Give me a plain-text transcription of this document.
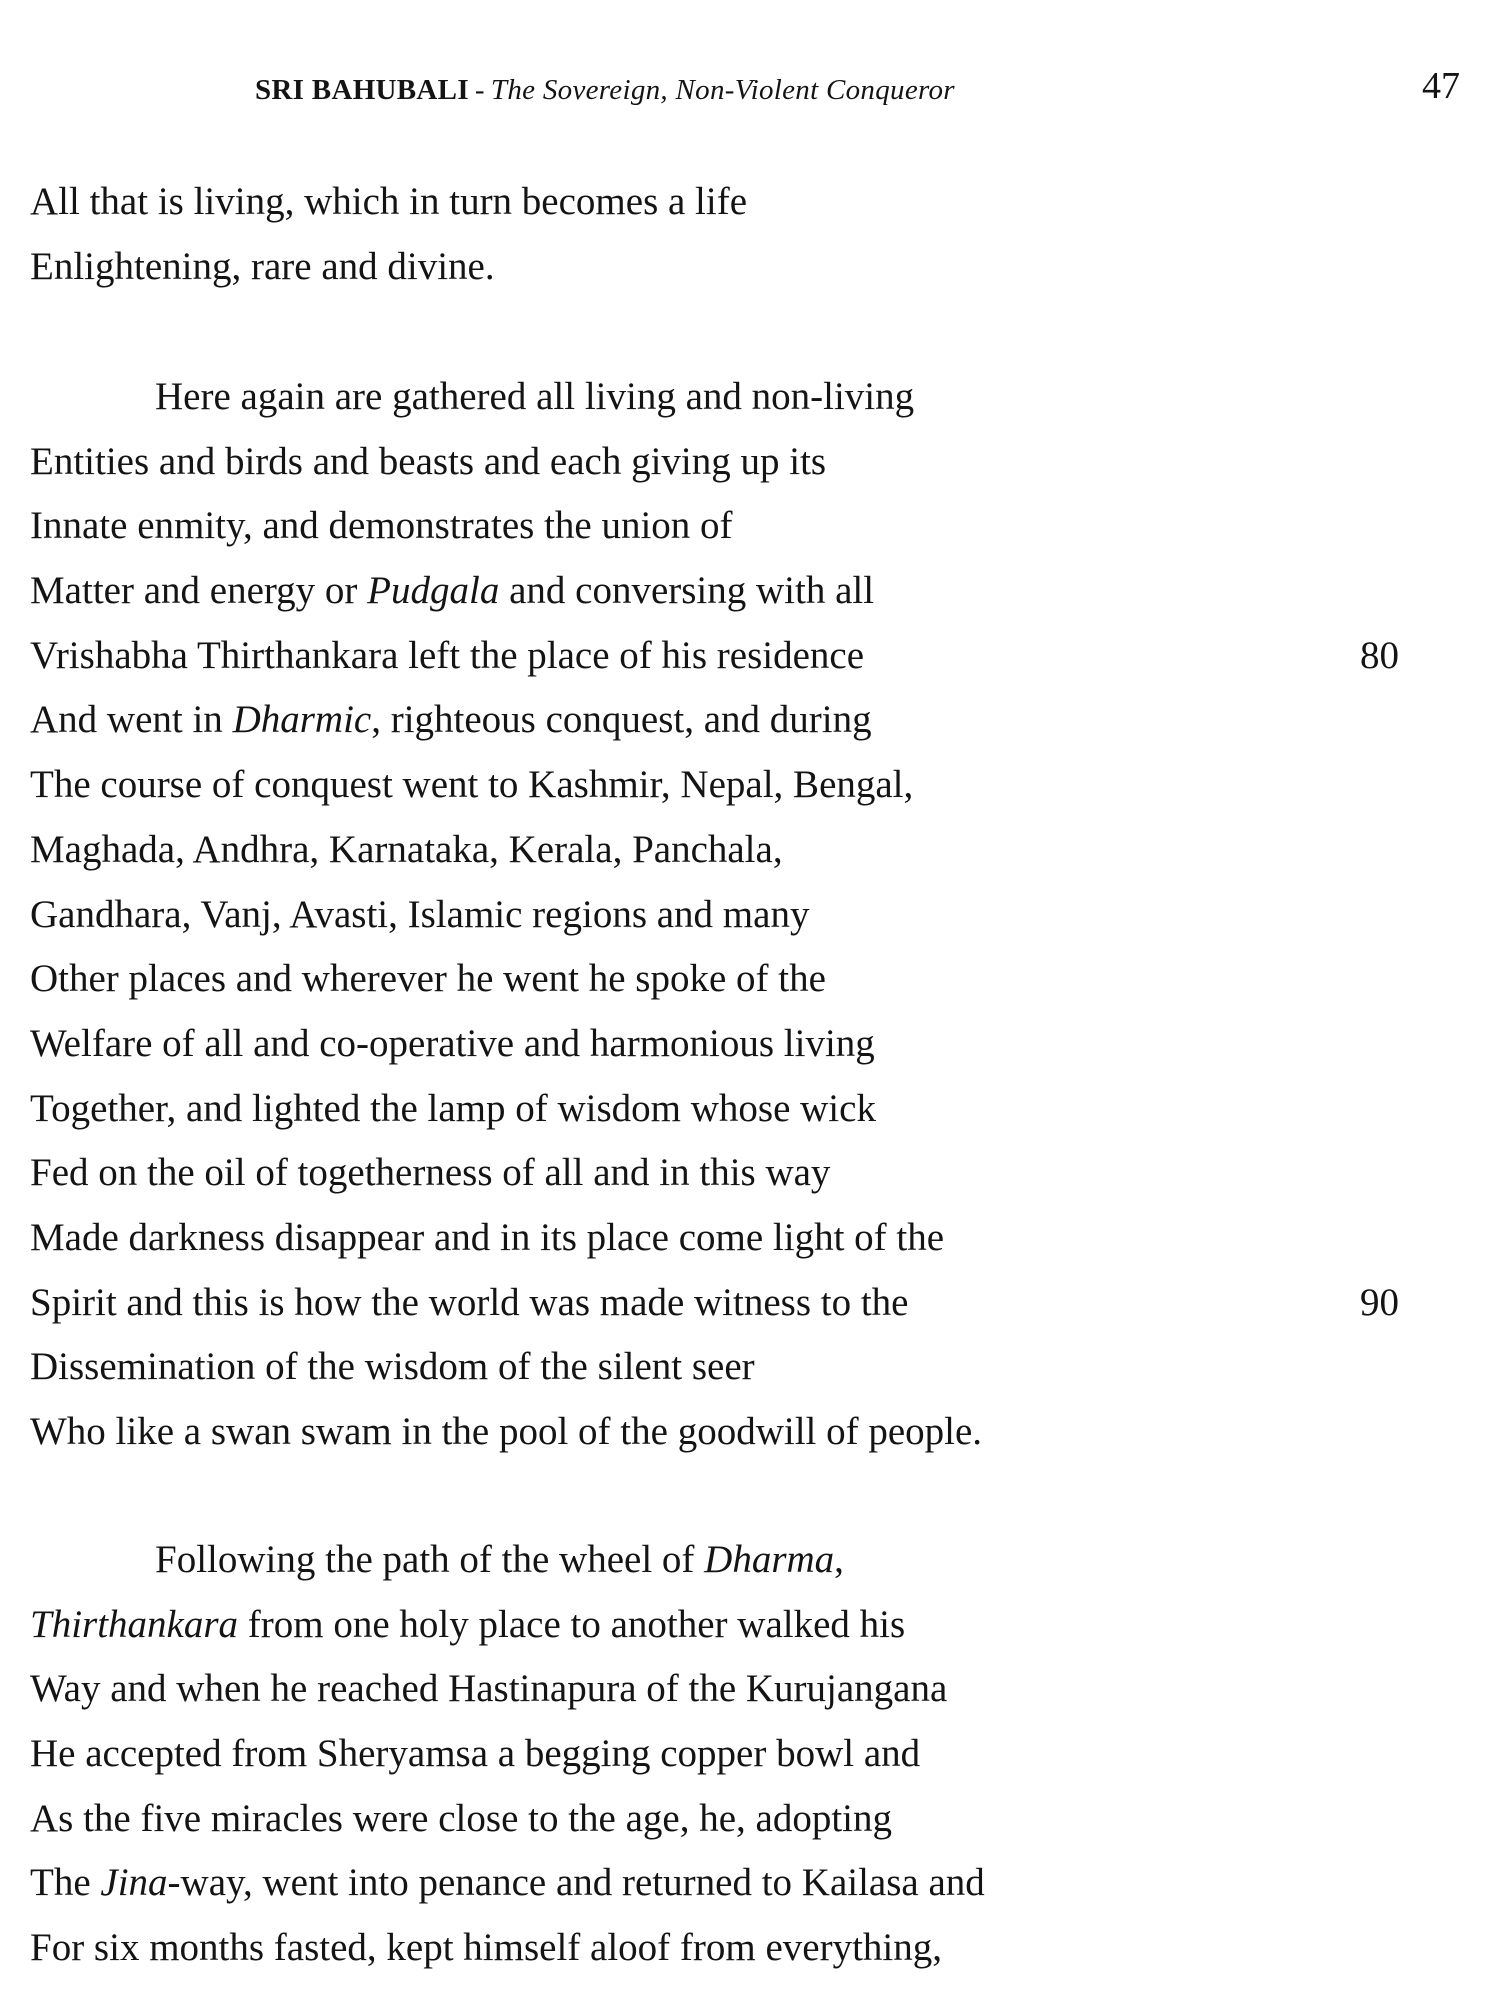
SRI BAHUBALI - The Sovereign, Non-Violent Conqueror	47
All that is living, which in turn becomes a life
Enlightening, rare and divine.
Here again are gathered all living and non-living
Entities and birds and beasts and each giving up its
Innate enmity, and demonstrates the union of
Matter and energy or Pudgala and conversing with all
Vrishabha Thirthankara left the place of his residence	80
And went in Dharmic, righteous conquest, and during
The course of conquest went to Kashmir, Nepal, Bengal,
Maghada, Andhra, Karnataka, Kerala, Panchala,
Gandhara, Vanj, Avasti, Islamic regions and many
Other places and wherever he went he spoke of the
Welfare of all and co-operative and harmonious living
Together, and lighted the lamp of wisdom whose wick
Fed on the oil of togetherness of all and in this way
Made darkness disappear and in its place come light of the
Spirit and this is how the world was made witness to the	90
Dissemination of the wisdom of the silent seer
Who like a swan swam in the pool of the goodwill of people.
Following the path of the wheel of Dharma,
Thirthankara from one holy place to another walked his
Way and when he reached Hastinapura of the Kurujangana
He accepted from Sheryamsa a begging copper bowl and
As the five miracles were close to the age, he, adopting
The Jina-way, went into penance and returned to Kailasa and
For six months fasted, kept himself aloof from everything,
